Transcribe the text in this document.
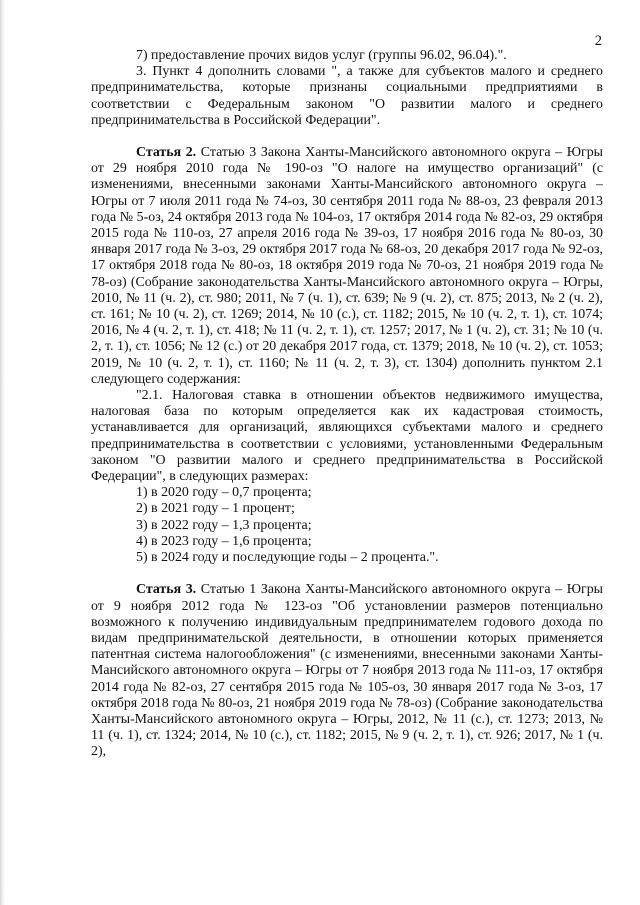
2

7) предоставление прочих видов услуг (группы 96.02, 96.04).".

3. Пункт 4 дополнить словами ", а также для субъектов малого и среднего предпринимательства, которые признаны социальными предприятиями в соответствии с Федеральным законом "О развитии малого и среднего предпринимательства в Российской Федерации".

Статья 2. Статью 3 Закона Ханты-Мансийского автономного округа – Югры от 29 ноября 2010 года № 190-оз "О налоге на имущество организаций" (с изменениями, внесенными законами Ханты-Мансийского автономного округа – Югры от 7 июля 2011 года № 74-оз, 30 сентября 2011 года № 88-оз, 23 февраля 2013 года № 5-оз, 24 октября 2013 года № 104-оз, 17 октября 2014 года № 82-оз, 29 октября 2015 года № 110-оз, 27 апреля 2016 года № 39-оз, 17 ноября 2016 года № 80-оз, 30 января 2017 года № 3-оз, 29 октября 2017 года № 68-оз, 20 декабря 2017 года № 92-оз, 17 октября 2018 года № 80-оз, 18 октября 2019 года № 70-оз, 21 ноября 2019 года № 78-оз) (Собрание законодательства Ханты-Мансийского автономного округа – Югры, 2010, № 11 (ч. 2), ст. 980; 2011, № 7 (ч. 1), ст. 639; № 9 (ч. 2), ст. 875; 2013, № 2 (ч. 2), ст. 161; № 10 (ч. 2), ст. 1269; 2014, № 10 (с.), ст. 1182; 2015, № 10 (ч. 2, т. 1), ст. 1074; 2016, № 4 (ч. 2, т. 1), ст. 418; № 11 (ч. 2, т. 1), ст. 1257; 2017, № 1 (ч. 2), ст. 31; № 10 (ч. 2, т. 1), ст. 1056; № 12 (с.) от 20 декабря 2017 года, ст. 1379; 2018, № 10 (ч. 2), ст. 1053; 2019, № 10 (ч. 2, т. 1), ст. 1160; № 11 (ч. 2, т. 3), ст. 1304) дополнить пунктом 2.1 следующего содержания:

"2.1. Налоговая ставка в отношении объектов недвижимого имущества, налоговая база по которым определяется как их кадастровая стоимость, устанавливается для организаций, являющихся субъектами малого и среднего предпринимательства в соответствии с условиями, установленными Федеральным законом "О развитии малого и среднего предпринимательства в Российской Федерации", в следующих размерах:

1) в 2020 году – 0,7 процента;

2) в 2021 году – 1 процент;

3) в 2022 году – 1,3 процента;

4) в 2023 году – 1,6 процента;

5) в 2024 году и последующие годы – 2 процента.".

Статья 3. Статью 1 Закона Ханты-Мансийского автономного округа – Югры от 9 ноября 2012 года № 123-оз "Об установлении размеров потенциально возможного к получению индивидуальным предпринимателем годового дохода по видам предпринимательской деятельности, в отношении которых применяется патентная система налогообложения" (с изменениями, внесенными законами Ханты-Мансийского автономного округа – Югры от 7 ноября 2013 года № 111-оз, 17 октября 2014 года № 82-оз, 27 сентября 2015 года № 105-оз, 30 января 2017 года № 3-оз, 17 октября 2018 года № 80-оз, 21 ноября 2019 года № 78-оз) (Собрание законодательства Ханты-Мансийского автономного округа – Югры, 2012, № 11 (с.), ст. 1273; 2013, № 11 (ч. 1), ст. 1324; 2014, № 10 (с.), ст. 1182; 2015, № 9 (ч. 2, т. 1), ст. 926; 2017, № 1 (ч. 2),
